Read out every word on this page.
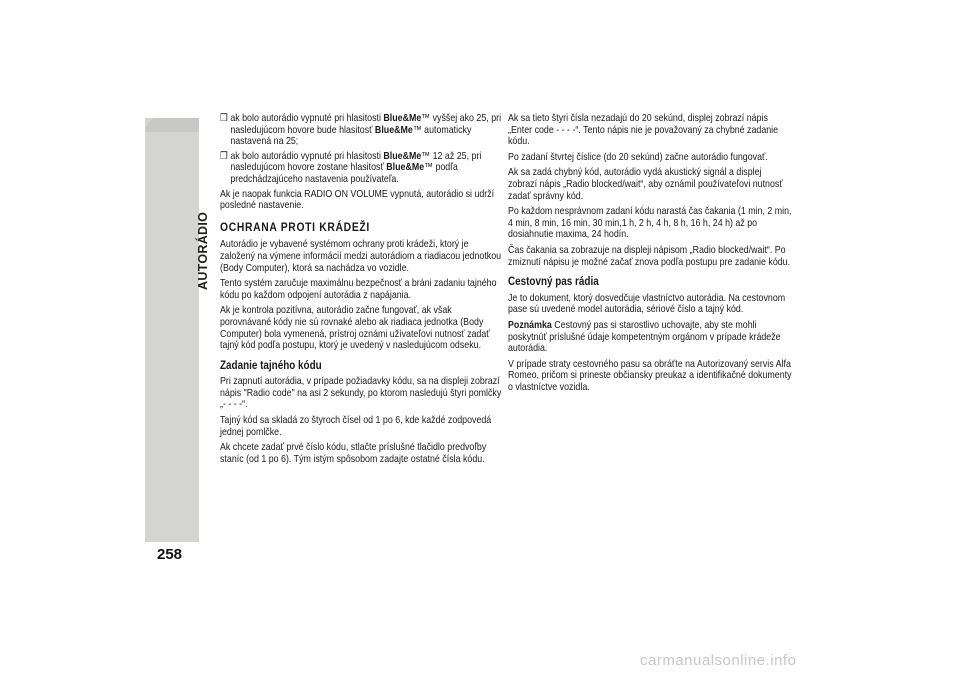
AUTORÁDIO
258
❒ ak bolo autorádio vypnuté pri hlasitosti Blue&Me™ vyššej ako 25, pri nasledujúcom hovore bude hlasitosť Blue&Me™ automaticky nastavená na 25;
❒ ak bolo autorádio vypnuté pri hlasitosti Blue&Me™ 12 až 25, pri nasledujúcom hovore zostane hlasitosť Blue&Me™ podľa predchádzajúceho nastavenia používateľa.

Ak je naopak funkcia RADIO ON VOLUME vypnutá, autorádio si udrží posledné nastavenie.

OCHRANA PROTI KRÁDEŽI

Autorádio je vybavené systémom ochrany proti krádeži, ktorý je založený na výmene informácií medzi autorádiom a riadiacou jednotkou (Body Computer), ktorá sa nachádza vo vozidle.

Tento systém zaručuje maximálnu bezpečnosť a bráni zadaniu tajného kódu po každom odpojení autorádia z napájania.

Ak je kontrola pozitívna, autorádio začne fungovať, ak však porovnávané kódy nie sú rovnaké alebo ak riadiaca jednotka (Body Computer) bola vymenená, prístroj oznámi užívateľovi nutnosť zadať tajný kód podľa postupu, ktorý je uvedený v nasledujúcom odseku.

Zadanie tajného kódu

Pri zapnutí autorádia, v prípade požiadavky kódu, sa na displeji zobrazí nápis "Radio code" na asi 2 sekundy, po ktorom nasledujú štyri pomlčky „- - - -“.

Tajný kód sa skladá zo štyroch čísel od 1 po 6, kde každé zodpovedá jednej pomlčke.

Ak chcete zadať prvé číslo kódu, stlačte príslušné tlačidlo predvoľby staníc (od 1 po 6). Tým istým spôsobom zadajte ostatné čísla kódu.

Ak sa tieto štyri čísla nezadajú do 20 sekúnd, displej zobrazí nápis „Enter code - - - -“. Tento nápis nie je považovaný za chybné zadanie kódu.

Po zadaní štvrtej číslice (do 20 sekúnd) začne autorádio fungovať.

Ak sa zadá chybný kód, autorádio vydá akustický signál a displej zobrazí nápis „Radio blocked/wait“, aby oznámil používateľovi nutnosť zadať správny kód.

Po každom nesprávnom zadaní kódu narastá čas čakania (1 min, 2 min, 4 min, 8 min, 16 min, 30 min,1 h, 2 h, 4 h, 8 h, 16 h, 24 h) až po dosiahnutie maxima, 24 hodín.

Čas čakania sa zobrazuje na displeji nápisom „Radio blocked/wait“. Po zmiznutí nápisu je možné začať znova podľa postupu pre zadanie kódu.

Cestovný pas rádia

Je to dokument, ktorý dosvedčuje vlastníctvo autorádia. Na cestovnom pase sú uvedené model autorádia, sériové číslo a tajný kód.

Poznámka Cestovný pas si starostlivo uchovajte, aby ste mohli poskytnúť príslušné údaje kompetentným orgánom v prípade krádeže autorádia.

V prípade straty cestovného pasu sa obráťte na Autorizovaný servis Alfa Romeo, pričom si prineste občiansky preukaz a identifikačné dokumenty o vlastníctve vozidla.

carmanualsonline.info
